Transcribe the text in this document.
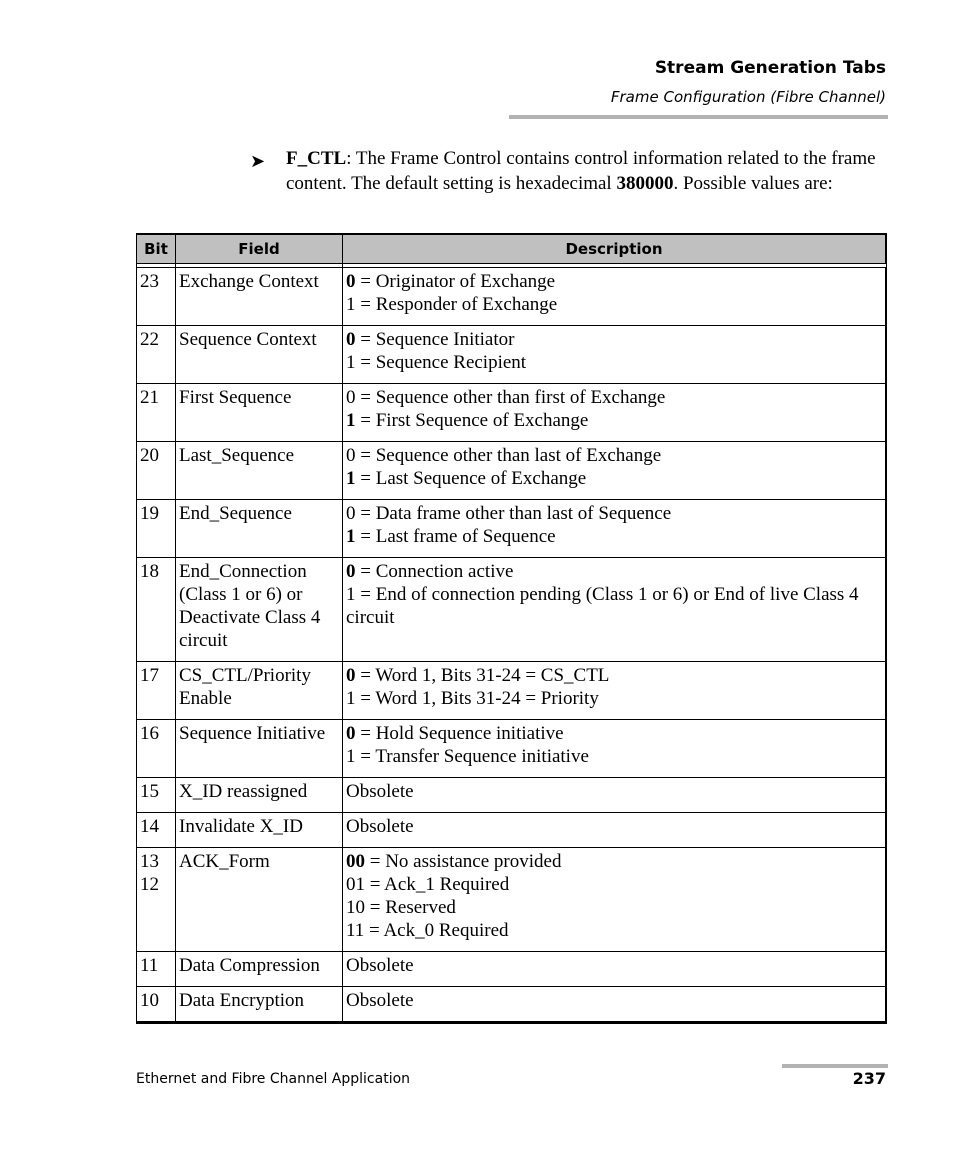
Stream Generation Tabs
Frame Configuration (Fibre Channel)
➤ F_CTL: The Frame Control contains control information related to the frame content. The default setting is hexadecimal 380000. Possible values are:
Bit	Field	Description

23	Exchange Context	0 = Originator of Exchange
1 = Responder of Exchange

22	Sequence Context	0 = Sequence Initiator
1 = Sequence Recipient

21	First Sequence	0 = Sequence other than first of Exchange
1 = First Sequence of Exchange

20	Last_Sequence	0 = Sequence other than last of Exchange
1 = Last Sequence of Exchange

19	End_Sequence	0 = Data frame other than last of Sequence
1 = Last frame of Sequence

18	End_Connection
(Class 1 or 6) or
Deactivate Class 4
circuit	0 = Connection active
1 = End of connection pending (Class 1 or 6) or End of live Class 4 circuit

17	CS_CTL/Priority
Enable	0 = Word 1, Bits 31-24 = CS_CTL
1 = Word 1, Bits 31-24 = Priority

16	Sequence Initiative	0 = Hold Sequence initiative
1 = Transfer Sequence initiative

15	X_ID reassigned	Obsolete

14	Invalidate X_ID	Obsolete

13
12	ACK_Form	00 = No assistance provided
01 = Ack_1 Required
10 = Reserved
11 = Ack_0 Required

11	Data Compression	Obsolete

10	Data Encryption	Obsolete
Ethernet and Fibre Channel Application	237
